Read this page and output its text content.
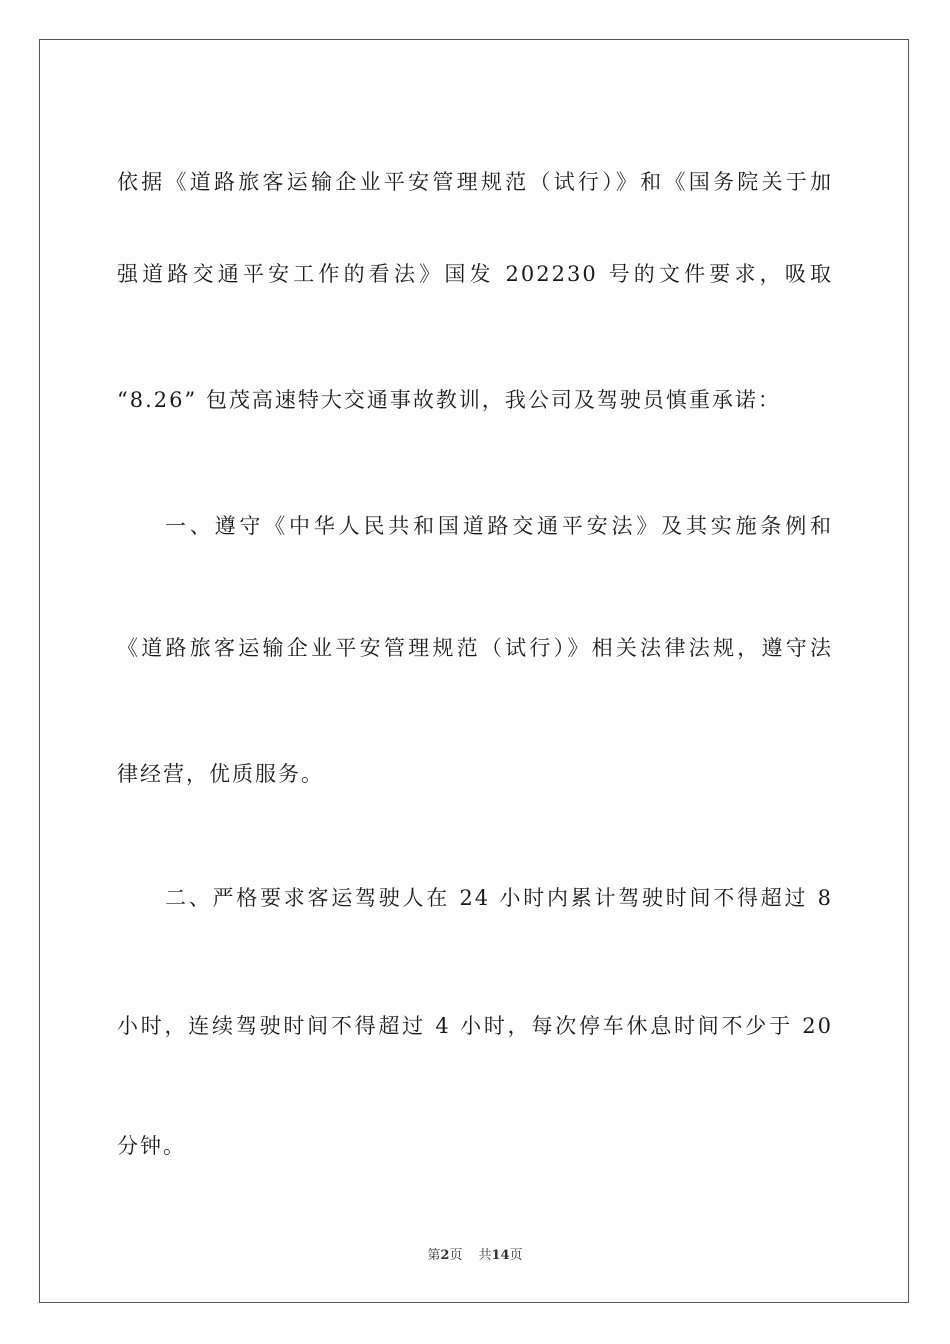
依据《道路旅客运输企业平安管理规范（试行）》和《国务院关于加
强道路交通平安工作的看法》国发 202230 号的文件要求，吸取
“8.26” 包茂高速特大交通事故教训，我公司及驾驶员慎重承诺：
一、遵守《中华人民共和国道路交通平安法》及其实施条例和
《道路旅客运输企业平安管理规范（试行）》相关法律法规，遵守法
律经营，优质服务。
二、严格要求客运驾驶人在 24 小时内累计驾驶时间不得超过 8
小时，连续驾驶时间不得超过 4 小时，每次停车休息时间不少于 20
分钟。
第2页 共14页
